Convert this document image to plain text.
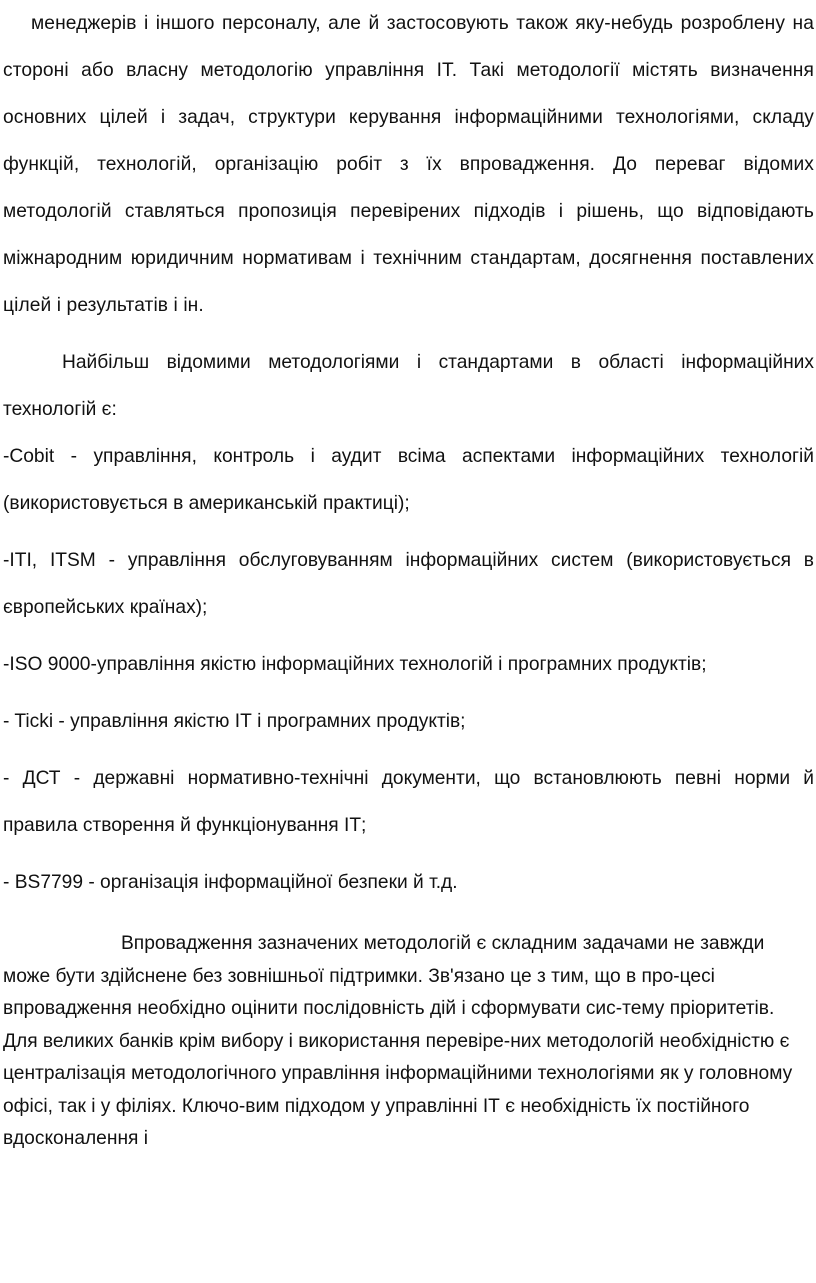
менеджерів і іншого персоналу, але й застосовують також яку-небудь розроблену на стороні або власну методологію управління ІТ. Такі методології містять визначення основних цілей і задач, структури керування інформаційними технологіями, складу функцій, технологій, організацію робіт з їх впровадження. До переваг відомих методологій ставляться пропозиція перевірених підходів і рішень, що відповідають міжнародним юридичним нормативам і технічним стандартам, досягнення поставлених цілей і результатів і ін.

Найбільш відомими методологіями і стандартами в області інформаційних технологій є:

-Cobit - управління, контроль і аудит всіма аспектами інформаційних технологій (використовується в американській практиці);

-ITI, ITSM - управління обслуговуванням інформаційних систем (використовується в європейських країнах);

-ISO 9000-управління якістю інформаційних технологій і програмних продуктів;

- Ticki - управління якістю ІТ і програмних продуктів;

- ДСТ - державні нормативно-технічні документи, що встановлюють певні норми й правила створення й функціонування ІТ;

- BS7799 - організація інформаційної безпеки й т.д.

Впровадження зазначених методологій є складним задачами не завжди може бути здійснене без зовнішньої підтримки. Зв'язано це з тим, що в про-цесі впровадження необхідно оцінити послідовність дій і сформувати сис-тему пріоритетів. Для великих банків крім вибору і використання перевіре-них методологій необхідністю є централізація методологічного управління інформаційними технологіями як у головному офісі, так і у філіях. Ключо-вим підходом у управлінні ІТ є необхідність їх постійного вдосконалення і
